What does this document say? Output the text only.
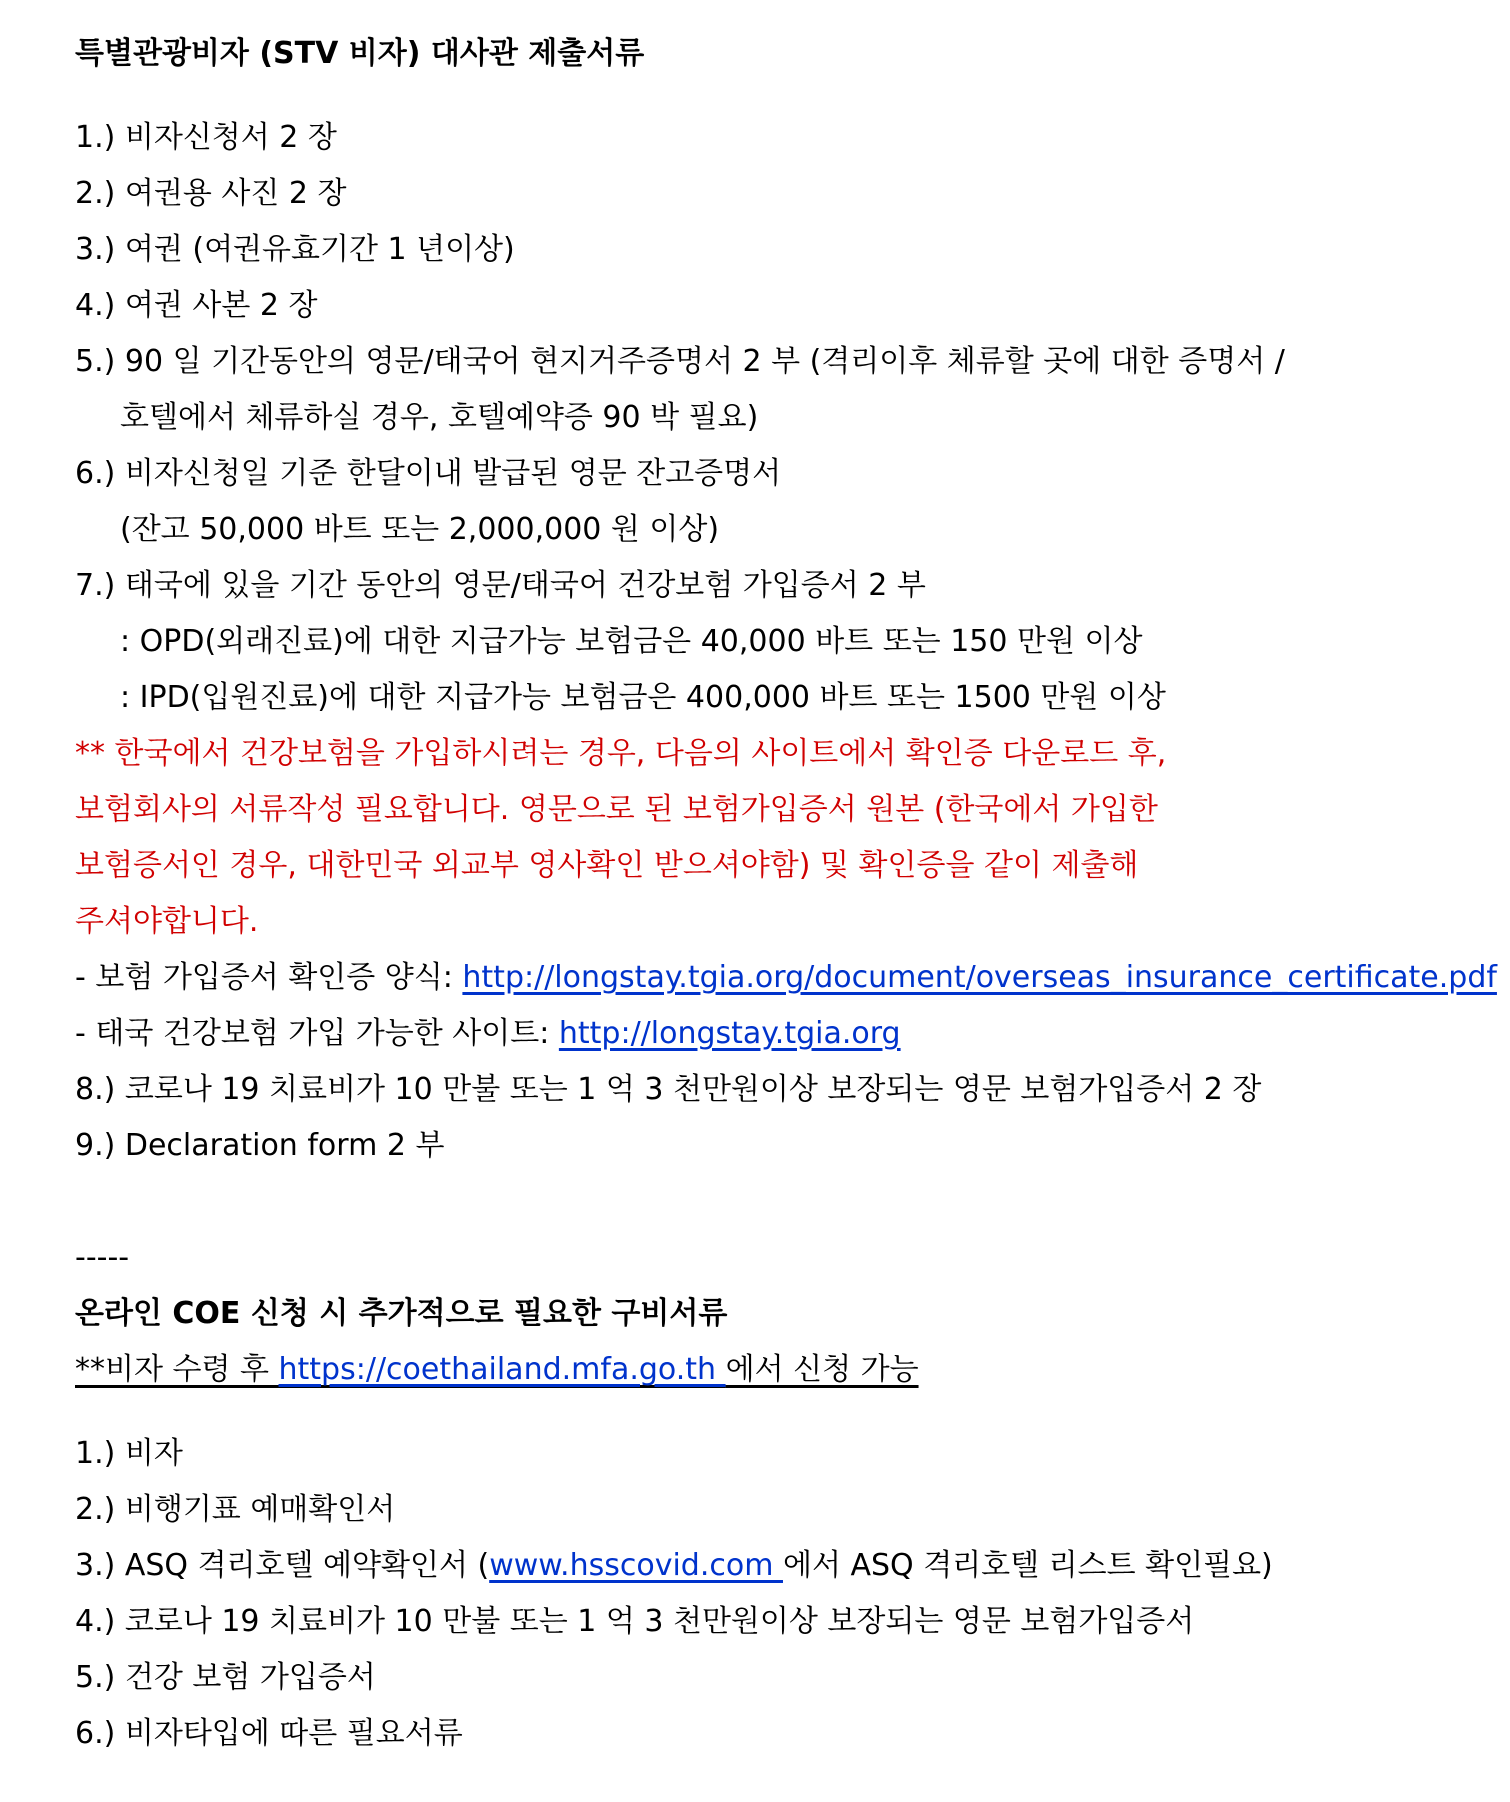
특별관광비자 (STV 비자) 대사관 제출서류
1.) 비자신청서 2 장
2.) 여권용 사진 2 장
3.) 여권 (여권유효기간 1 년이상)
4.) 여권 사본 2 장
5.) 90 일 기간동안의 영문/태국어 현지거주증명서 2 부 (격리이후 체류할 곳에 대한 증명서 /
호텔에서 체류하실 경우, 호텔예약증 90 박 필요)
6.) 비자신청일 기준 한달이내 발급된 영문 잔고증명서
(잔고 50,000 바트 또는 2,000,000 원 이상)
7.) 태국에 있을 기간 동안의 영문/태국어 건강보험 가입증서 2 부
: OPD(외래진료)에 대한 지급가능 보험금은 40,000 바트 또는 150 만원 이상
: IPD(입원진료)에 대한 지급가능 보험금은 400,000 바트 또는 1500 만원 이상
** 한국에서 건강보험을 가입하시려는 경우, 다음의 사이트에서 확인증 다운로드 후,
보험회사의 서류작성 필요합니다. 영문으로 된 보험가입증서 원본 (한국에서 가입한
보험증서인 경우, 대한민국 외교부 영사확인 받으셔야함) 및 확인증을 같이 제출해
주셔야합니다.
- 보험 가입증서 확인증 양식: http://longstay.tgia.org/document/overseas_insurance_certificate.pdf
- 태국 건강보험 가입 가능한 사이트: http://longstay.tgia.org
8.) 코로나 19 치료비가 10 만불 또는 1 억 3 천만원이상 보장되는 영문 보험가입증서 2 장
9.) Declaration form 2 부
-----
온라인 COE 신청 시 추가적으로 필요한 구비서류
**비자 수령 후 https://coethailand.mfa.go.th 에서 신청 가능
1.) 비자
2.) 비행기표 예매확인서
3.) ASQ 격리호텔 예약확인서 (www.hsscovid.com 에서 ASQ 격리호텔 리스트 확인필요)
4.) 코로나 19 치료비가 10 만불 또는 1 억 3 천만원이상 보장되는 영문 보험가입증서
5.) 건강 보험 가입증서
6.) 비자타입에 따른 필요서류
